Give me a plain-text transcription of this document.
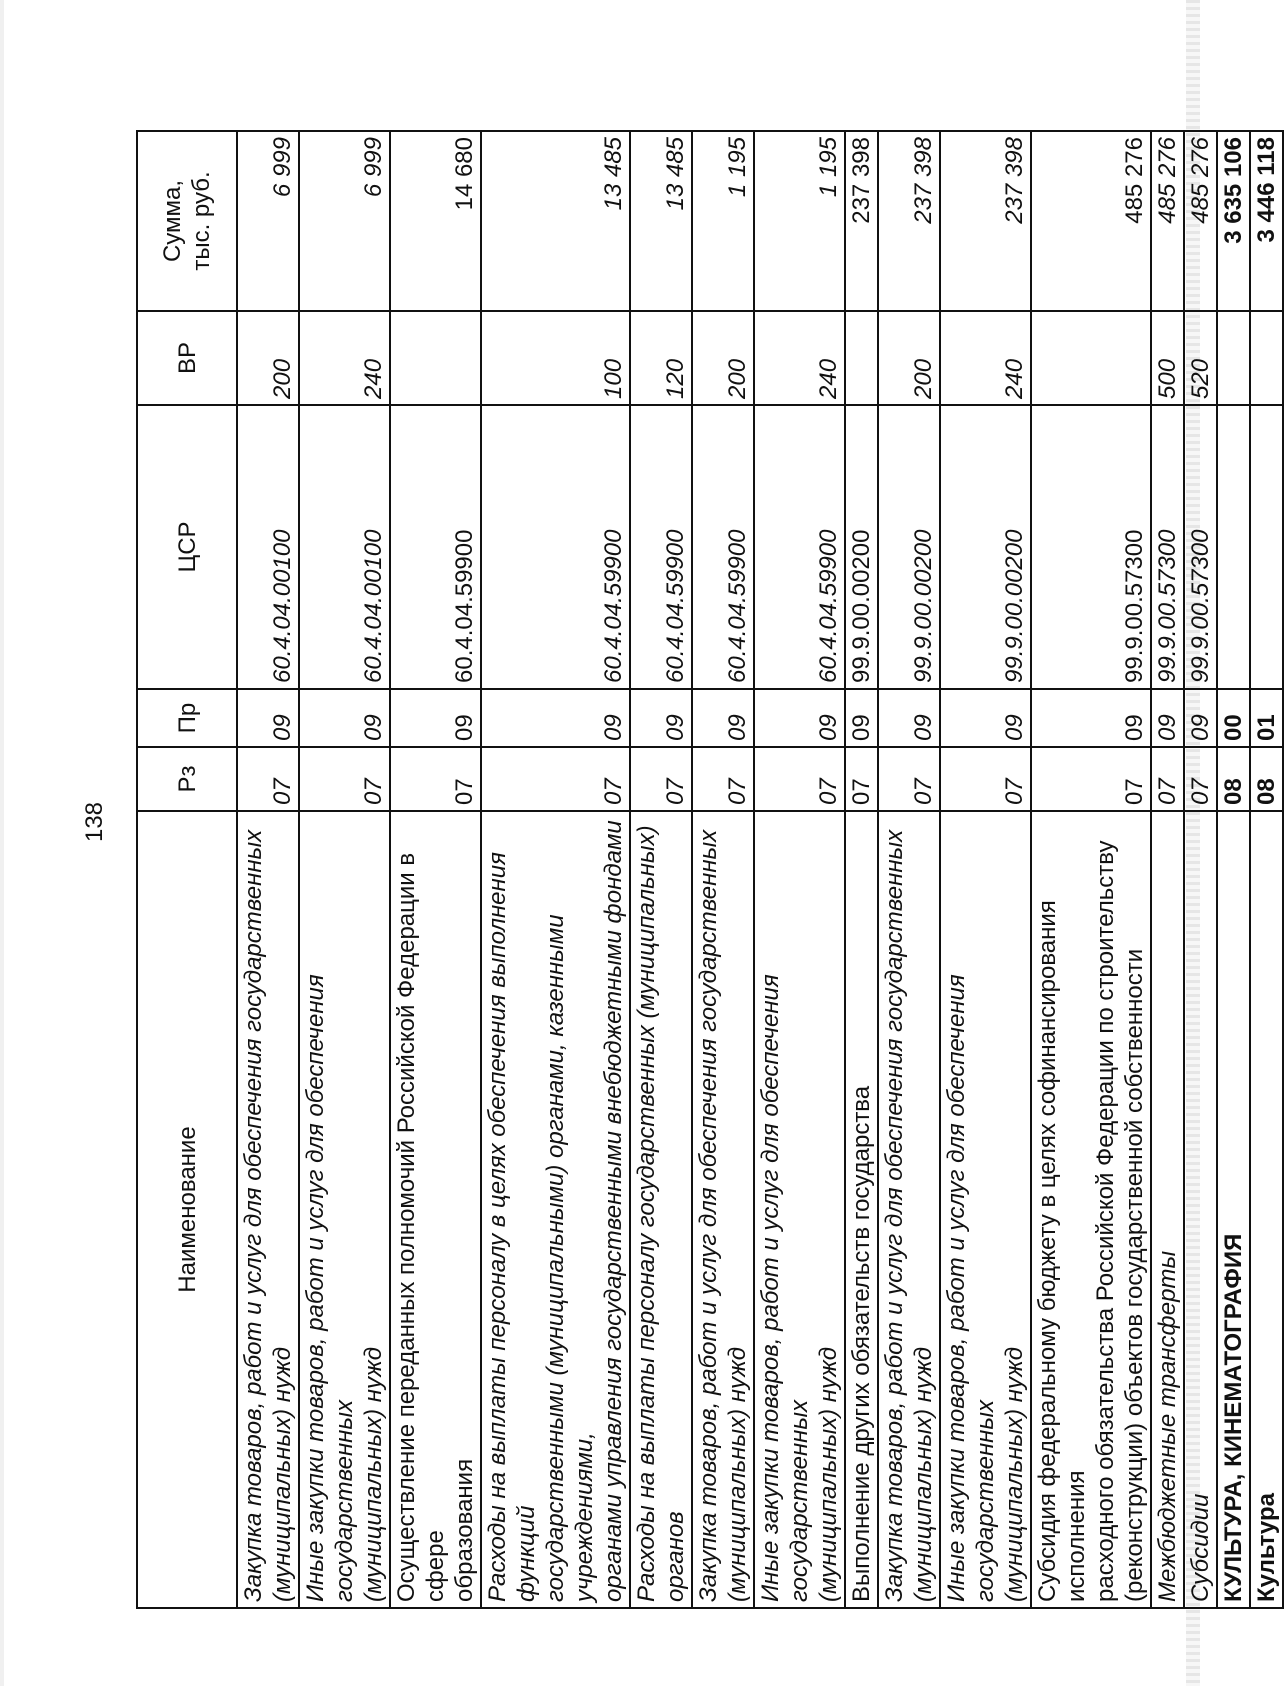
138
Наименование	Рз	Пр	ЦСР	ВР	Сумма,
тыс. руб.

Закупка товаров, работ и услуг для обеспечения государственных
(муниципальных) нужд	07	09	60.4.04.00100	200	6 999

Иные закупки товаров, работ и услуг для обеспечения государственных
(муниципальных) нужд	07	09	60.4.04.00100	240	6 999

Осуществление переданных полномочий Российской Федерации в сфере
образования	07	09	60.4.04.59900		14 680

Расходы на выплаты персоналу в целях обеспечения выполнения функций
государственными (муниципальными) органами, казенными учреждениями,
органами управления государственными внебюджетными фондами	07	09	60.4.04.59900	100	13 485

Расходы на выплаты персоналу государственных (муниципальных)
органов	07	09	60.4.04.59900	120	13 485

Закупка товаров, работ и услуг для обеспечения государственных
(муниципальных) нужд	07	09	60.4.04.59900	200	1 195

Иные закупки товаров, работ и услуг для обеспечения государственных
(муниципальных) нужд	07	09	60.4.04.59900	240	1 195

Выполнение других обязательств государства	07	09	99.9.00.00200		237 398

Закупка товаров, работ и услуг для обеспечения государственных
(муниципальных) нужд	07	09	99.9.00.00200	200	237 398

Иные закупки товаров, работ и услуг для обеспечения государственных
(муниципальных) нужд	07	09	99.9.00.00200	240	237 398

Субсидия федеральному бюджету в целях софинансирования исполнения
расходного обязательства Российской Федерации по строительству
(реконструкции) объектов государственной собственности	07	09	99.9.00.57300		485 276

Межбюджетные трансферты	07	09	99.9.00.57300	500	485 276

Субсидии	07	09	99.9.00.57300	520	485 276

КУЛЬТУРА, КИНЕМАТОГРАФИЯ	08	00			3 635 106

Культура	08	01			3 446 118
